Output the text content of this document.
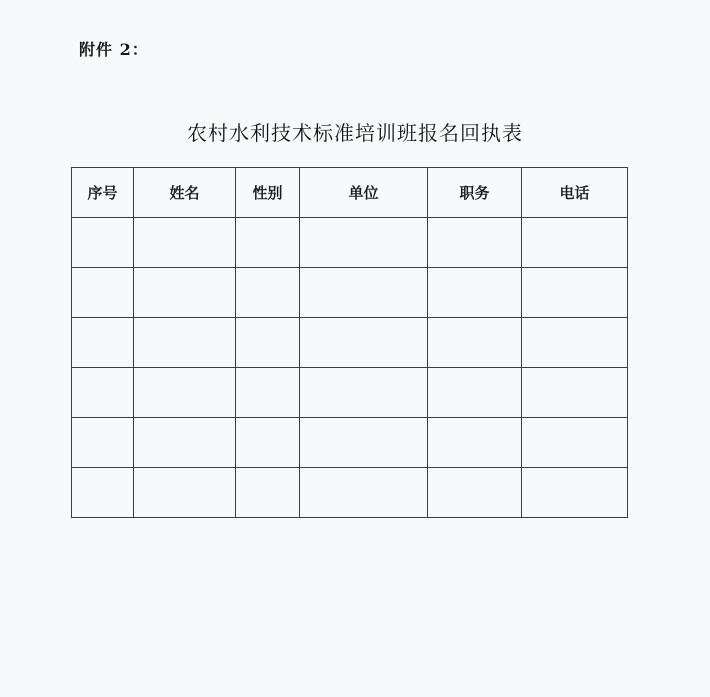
附件 2：
农村水利技术标准培训班报名回执表
序号	姓名	性别	单位	职务	电话
